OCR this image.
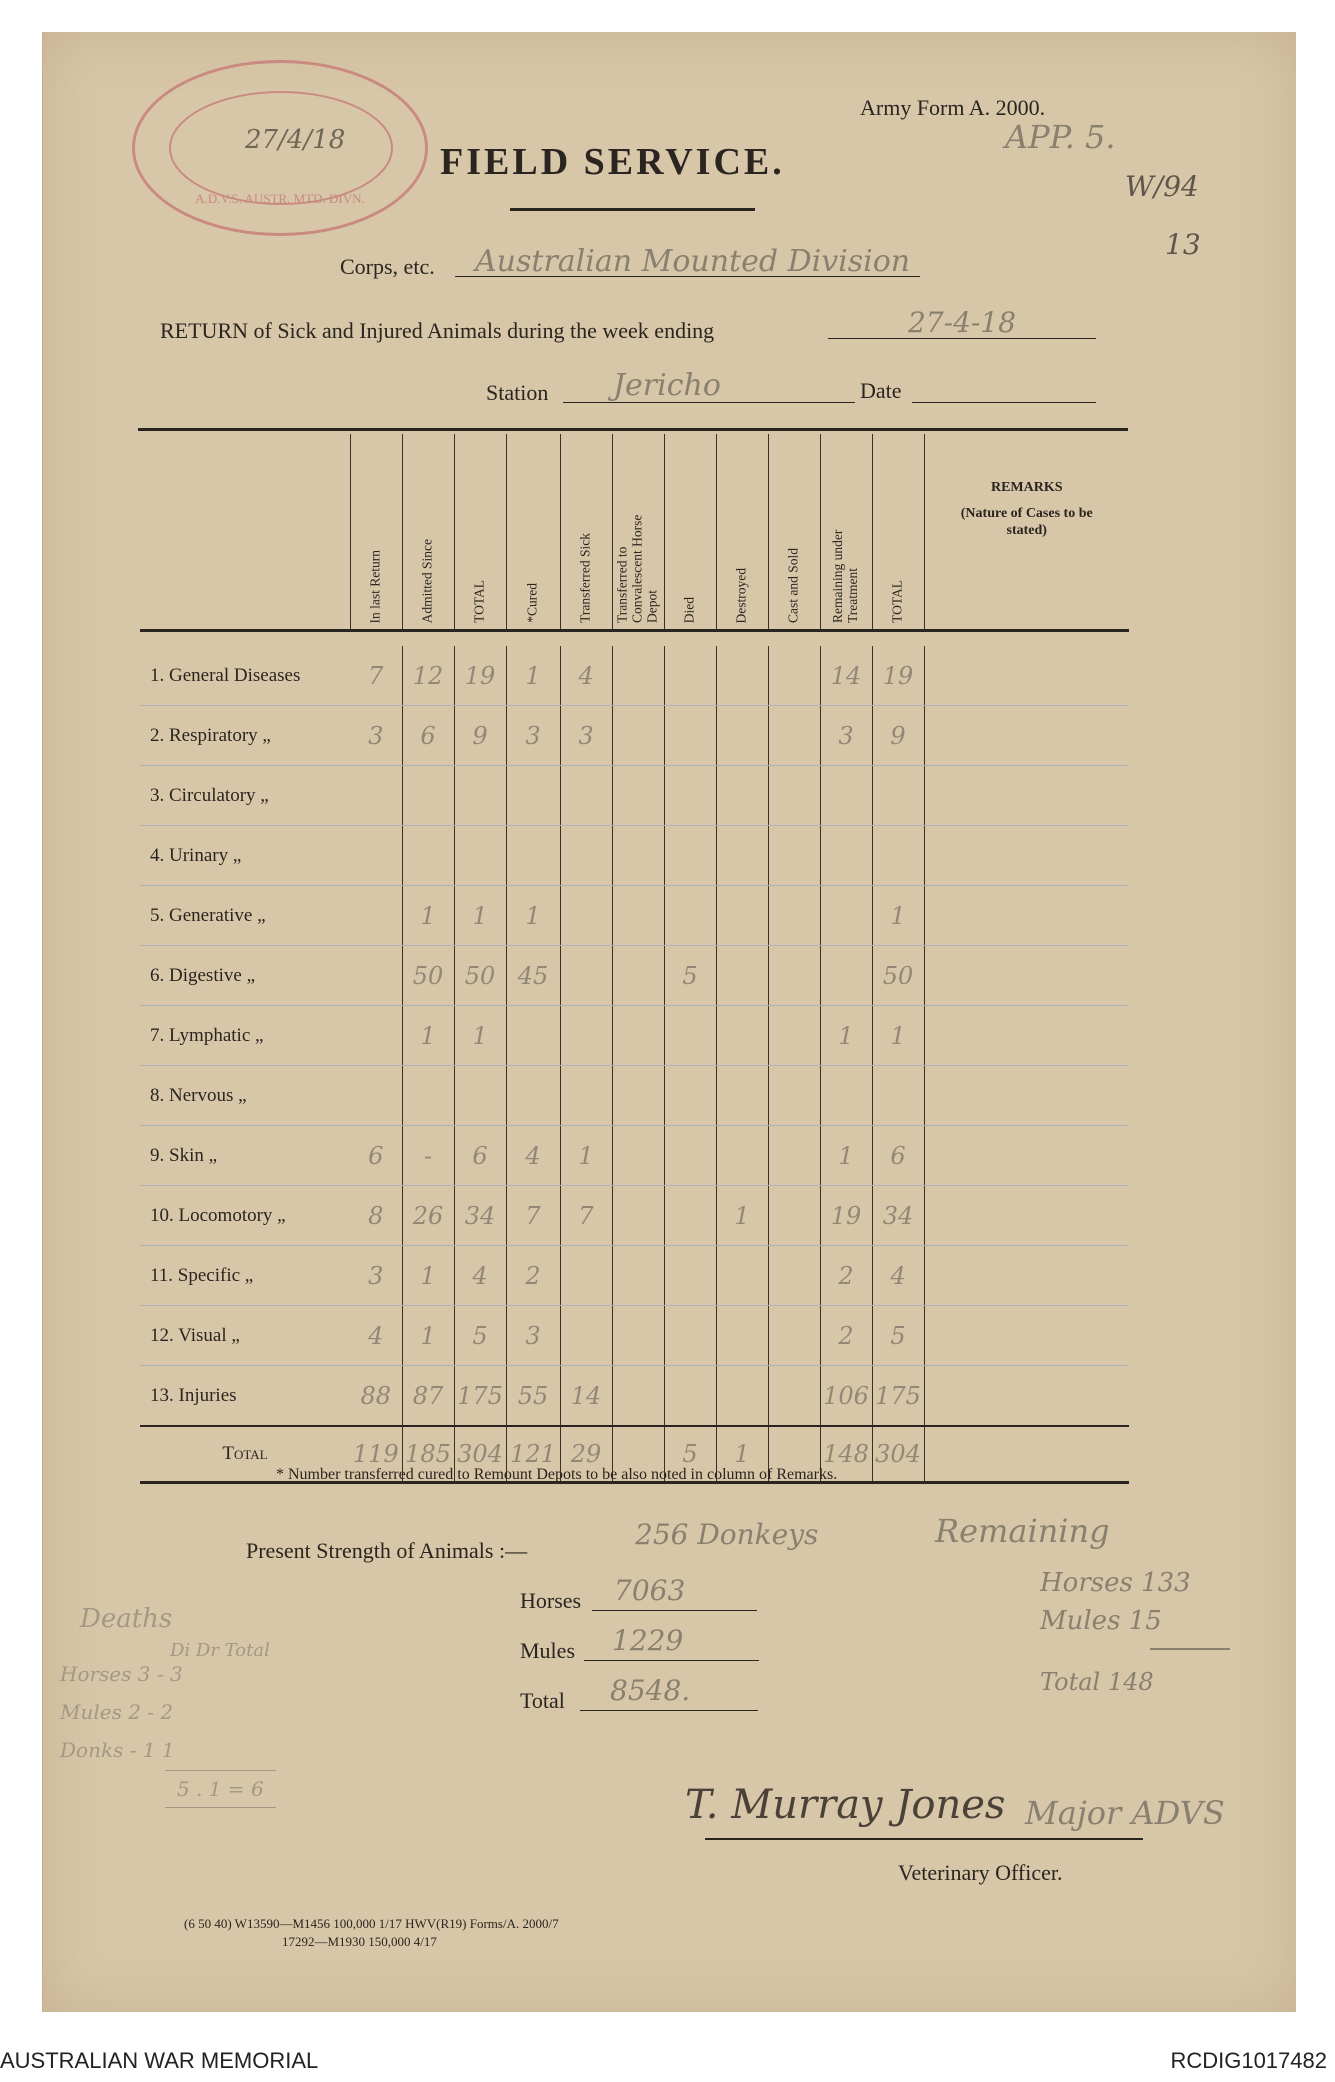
27/4/18
A.D.V.S. AUSTR. MTD. DIVN.
Army Form A. 2000.
APP. 5.
W/94
13
FIELD SERVICE.
Corps, etc.	Australian Mounted Division
RETURN of Sick and Injured Animals during the week ending	27-4-18
Station	Jericho	Date

	In last Return	Admitted Since	TOTAL	*Cured	Transferred Sick	Transferred to Convalescent Horse Depot	Died	Destroyed	Cast and Sold	Remaining under Treatment	TOTAL	REMARKS
(Nature of Cases to be stated)

1. General Diseases	7	12	19	1	4					14	19	
2. Respiratory „	3	6	9	3	3					3	9	
3. Circulatory „												
4. Urinary „												
5. Generative „		1	1	1							1	
6. Digestive „		50	50	45			5				50	
7. Lymphatic „		1	1							1	1	
8. Nervous „												
9. Skin „	6	-	6	4	1					1	6	
10. Locomotory „	8	26	34	7	7			1		19	34	
11. Specific „	3	1	4	2						2	4	
12. Visual „	4	1	5	3						2	5	
13. Injuries	88	87	175	55	14					106	175	
Total	119	185	304	121	29		5	1		148	304	
* Number transferred cured to Remount Depots to be also noted in column of Remarks.
Present Strength of Animals :—	256 Donkeys
Horses	7063
Mules	1229
Total	8548.
Remaining
Horses 133
Mules 15
Total 148
Deaths
Di Dr Total
Horses 3 - 3
Mules 2 - 2
Donks - 1 1
5 . 1 = 6	T. Murray Jones Major ADVS
Veterinary Officer.
(6 50 40) W13590—M1456 100,000 1/17 HWV(R19) Forms/A. 2000/7
17292—M1930 150,000 4/17
AUSTRALIAN WAR MEMORIAL	RCDIG1017482
